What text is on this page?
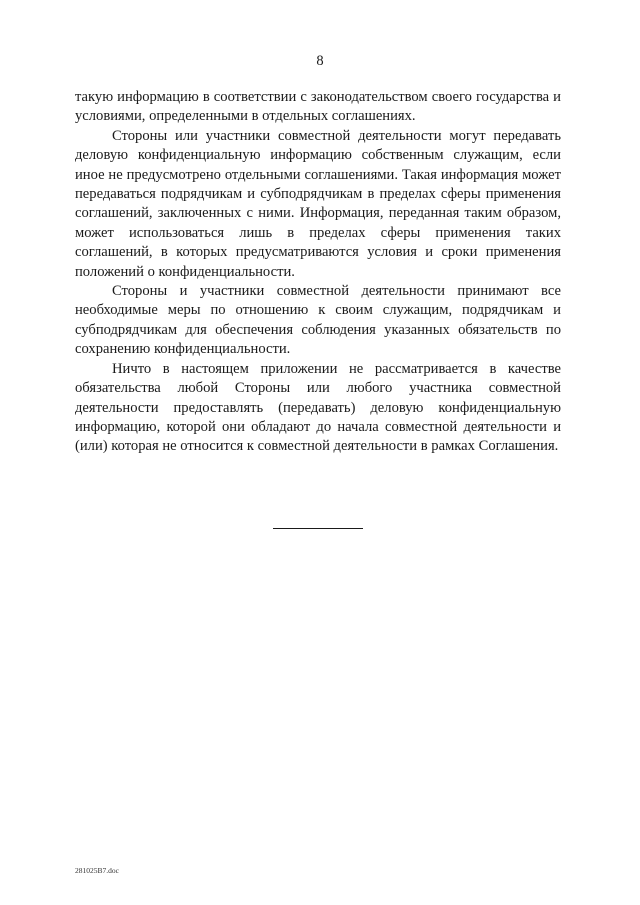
8

такую информацию в соответствии с законодательством своего государства и условиями, определенными в отдельных соглашениях.

Стороны или участники совместной деятельности могут передавать деловую конфиденциальную информацию собственным служащим, если иное не предусмотрено отдельными соглашениями. Такая информация может передаваться подрядчикам и субподрядчикам в пределах сферы применения соглашений, заключенных с ними. Информация, переданная таким образом, может использоваться лишь в пределах сферы применения таких соглашений, в которых предусматриваются условия и сроки применения положений о конфиденциальности.

Стороны и участники совместной деятельности принимают все необходимые меры по отношению к своим служащим, подрядчикам и субподрядчикам для обеспечения соблюдения указанных обязательств по сохранению конфиденциальности.

Ничто в настоящем приложении не рассматривается в качестве обязательства любой Стороны или любого участника совместной деятельности предоставлять (передавать) деловую конфиденциальную информацию, которой они обладают до начала совместной деятельности и (или) которая не относится к совместной деятельности в рамках Соглашения.

281025В7.doc
